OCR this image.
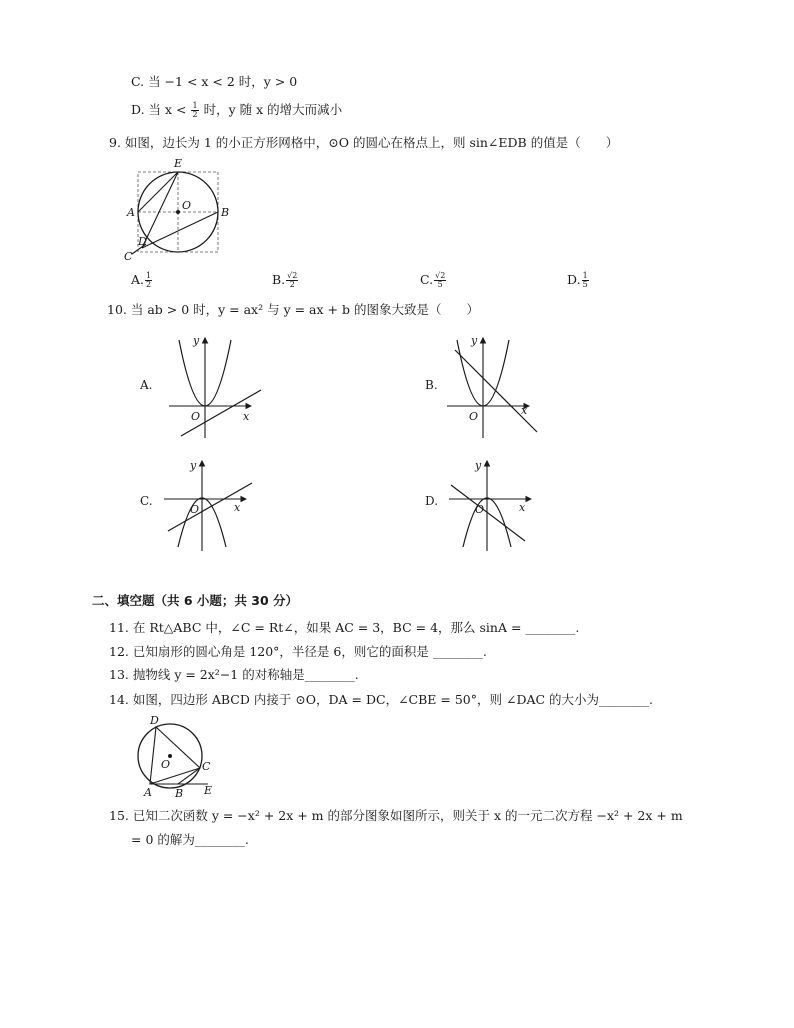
C. 当 −1 < x < 2 时，y > 0
D. 当 $x < \frac{1}{2}$ 时，y 随 x 的增大而减小
9. 如图，边长为 1 的小正方形网格中，⊙O 的圆心在格点上，则 sin∠EDB 的值是（　　）
E
O
A	B
D
C
A. $\frac{1}{2}$	B. $\frac{√2}{2}$	C. $\frac{√2}{5}$	D. $\frac{1}{5}$
10. 当 ab > 0 时，y = ax² 与 y = ax + b 的图象大致是（　　）
A.
O	x
y
B.
O	x
y
C.
O	x
y
D.
O	x
y
二、填空题（共 6 小题；共 30 分）
11. 在 Rt△ABC 中，∠C = Rt∠，如果 AC = 3，BC = 4，那么 sinA = ________.
12. 已知扇形的圆心角是 120°，半径是 6，则它的面积是 ________.
13. 抛物线 y = 2x²−1 的对称轴是________.
14. 如图，四边形 ABCD 内接于 ⊙O，DA = DC，∠CBE = 50°，则 ∠DAC 的大小为________.
D
O	C
A B E
15. 已知二次函数 y = −x² + 2x + m 的部分图象如图所示，则关于 x 的一元二次方程 −x² + 2x + m
= 0 的解为________.
